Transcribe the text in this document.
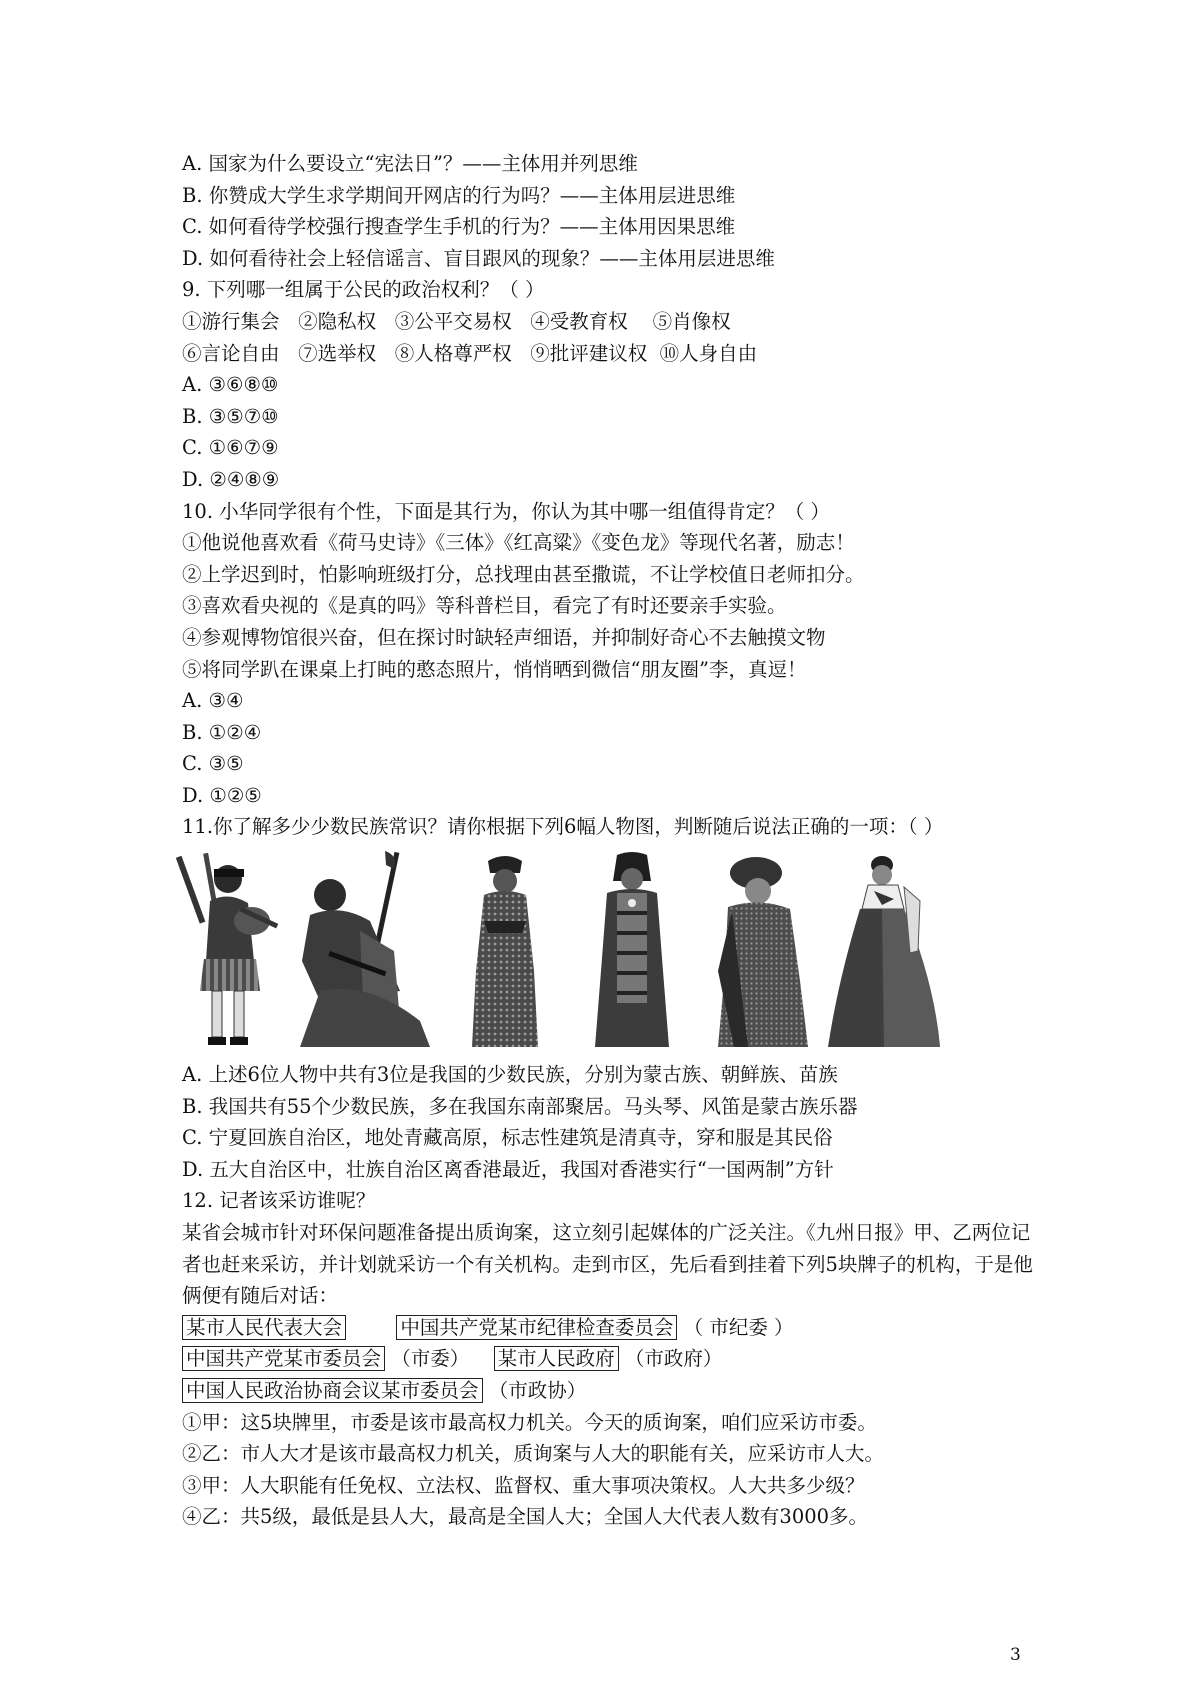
A. 国家为什么要设立“宪法日”？——主体用并列思维
B. 你赞成大学生求学期间开网店的行为吗？——主体用层进思维
C. 如何看待学校强行搜查学生手机的行为？——主体用因果思维
D. 如何看待社会上轻信谣言、盲目跟风的现象？——主体用层进思维
9. 下列哪一组属于公民的政治权利？（ ）
①游行集会   ②隐私权   ③公平交易权   ④受教育权    ⑤肖像权
⑥言论自由   ⑦选举权   ⑧人格尊严权   ⑨批评建议权  ⑩人身自由
A. ③⑥⑧⑩
B. ③⑤⑦⑩
C. ①⑥⑦⑨
D. ②④⑧⑨
10. 小华同学很有个性，下面是其行为，你认为其中哪一组值得肯定？（ ）
①他说他喜欢看《荷马史诗》《三体》《红高粱》《变色龙》等现代名著，励志！
②上学迟到时，怕影响班级打分，总找理由甚至撒谎，不让学校值日老师扣分。
③喜欢看央视的《是真的吗》等科普栏目，看完了有时还要亲手实验。
④参观博物馆很兴奋，但在探讨时缺轻声细语，并抑制好奇心不去触摸文物
⑤将同学趴在课桌上打盹的憨态照片，悄悄晒到微信“朋友圈”李，真逗！
A. ③④
B. ①②④
C. ③⑤
D. ①②⑤
11.你了解多少少数民族常识？请你根据下列6幅人物图，判断随后说法正确的一项：（ ）
A. 上述6位人物中共有3位是我国的少数民族，分别为蒙古族、朝鲜族、苗族
B. 我国共有55个少数民族，多在我国东南部聚居。马头琴、风笛是蒙古族乐器
C. 宁夏回族自治区，地处青藏高原，标志性建筑是清真寺，穿和服是其民俗
D. 五大自治区中，壮族自治区离香港最近，我国对香港实行“一国两制”方针
12. 记者该采访谁呢？
某省会城市针对环保问题准备提出质询案，这立刻引起媒体的广泛关注。《九州日报》甲、乙两位记者也赶来采访，并计划就采访一个有关机构。走到市区，先后看到挂着下列5块牌子的机构，于是他俩便有随后对话：
某市人民代表大会	中国共产党某市纪律检查委员会 （ 市纪委 ）
中国共产党某市委员会 （市委） 某市人民政府 （市政府）
中国人民政治协商会议某市委员会 （市政协）
①甲：这5块牌里，市委是该市最高权力机关。今天的质询案，咱们应采访市委。
②乙：市人大才是该市最高权力机关，质询案与人大的职能有关，应采访市人大。
③甲：人大职能有任免权、立法权、监督权、重大事项决策权。人大共多少级？
④乙：共5级，最低是县人大，最高是全国人大；全国人大代表人数有3000多。
3
